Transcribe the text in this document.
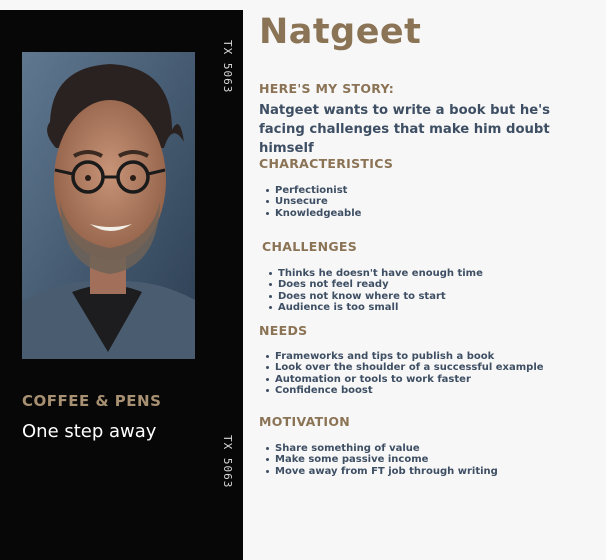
TX 5063
TX 5063
COFFEE & PENS
One step away
Natgeet
HERE'S MY STORY:
Natgeet wants to write a book but he's facing challenges that make him doubt himself
CHARACTERISTICS
Perfectionist
Unsecure
Knowledgeable
CHALLENGES
Thinks he doesn't have enough time
Does not feel ready
Does not know where to start
Audience is too small
NEEDS
Frameworks and tips to publish a book
Look over the shoulder of a successful example
Automation or tools to work faster
Confidence boost
MOTIVATION
Share something of value
Make some passive income
Move away from FT job through writing
